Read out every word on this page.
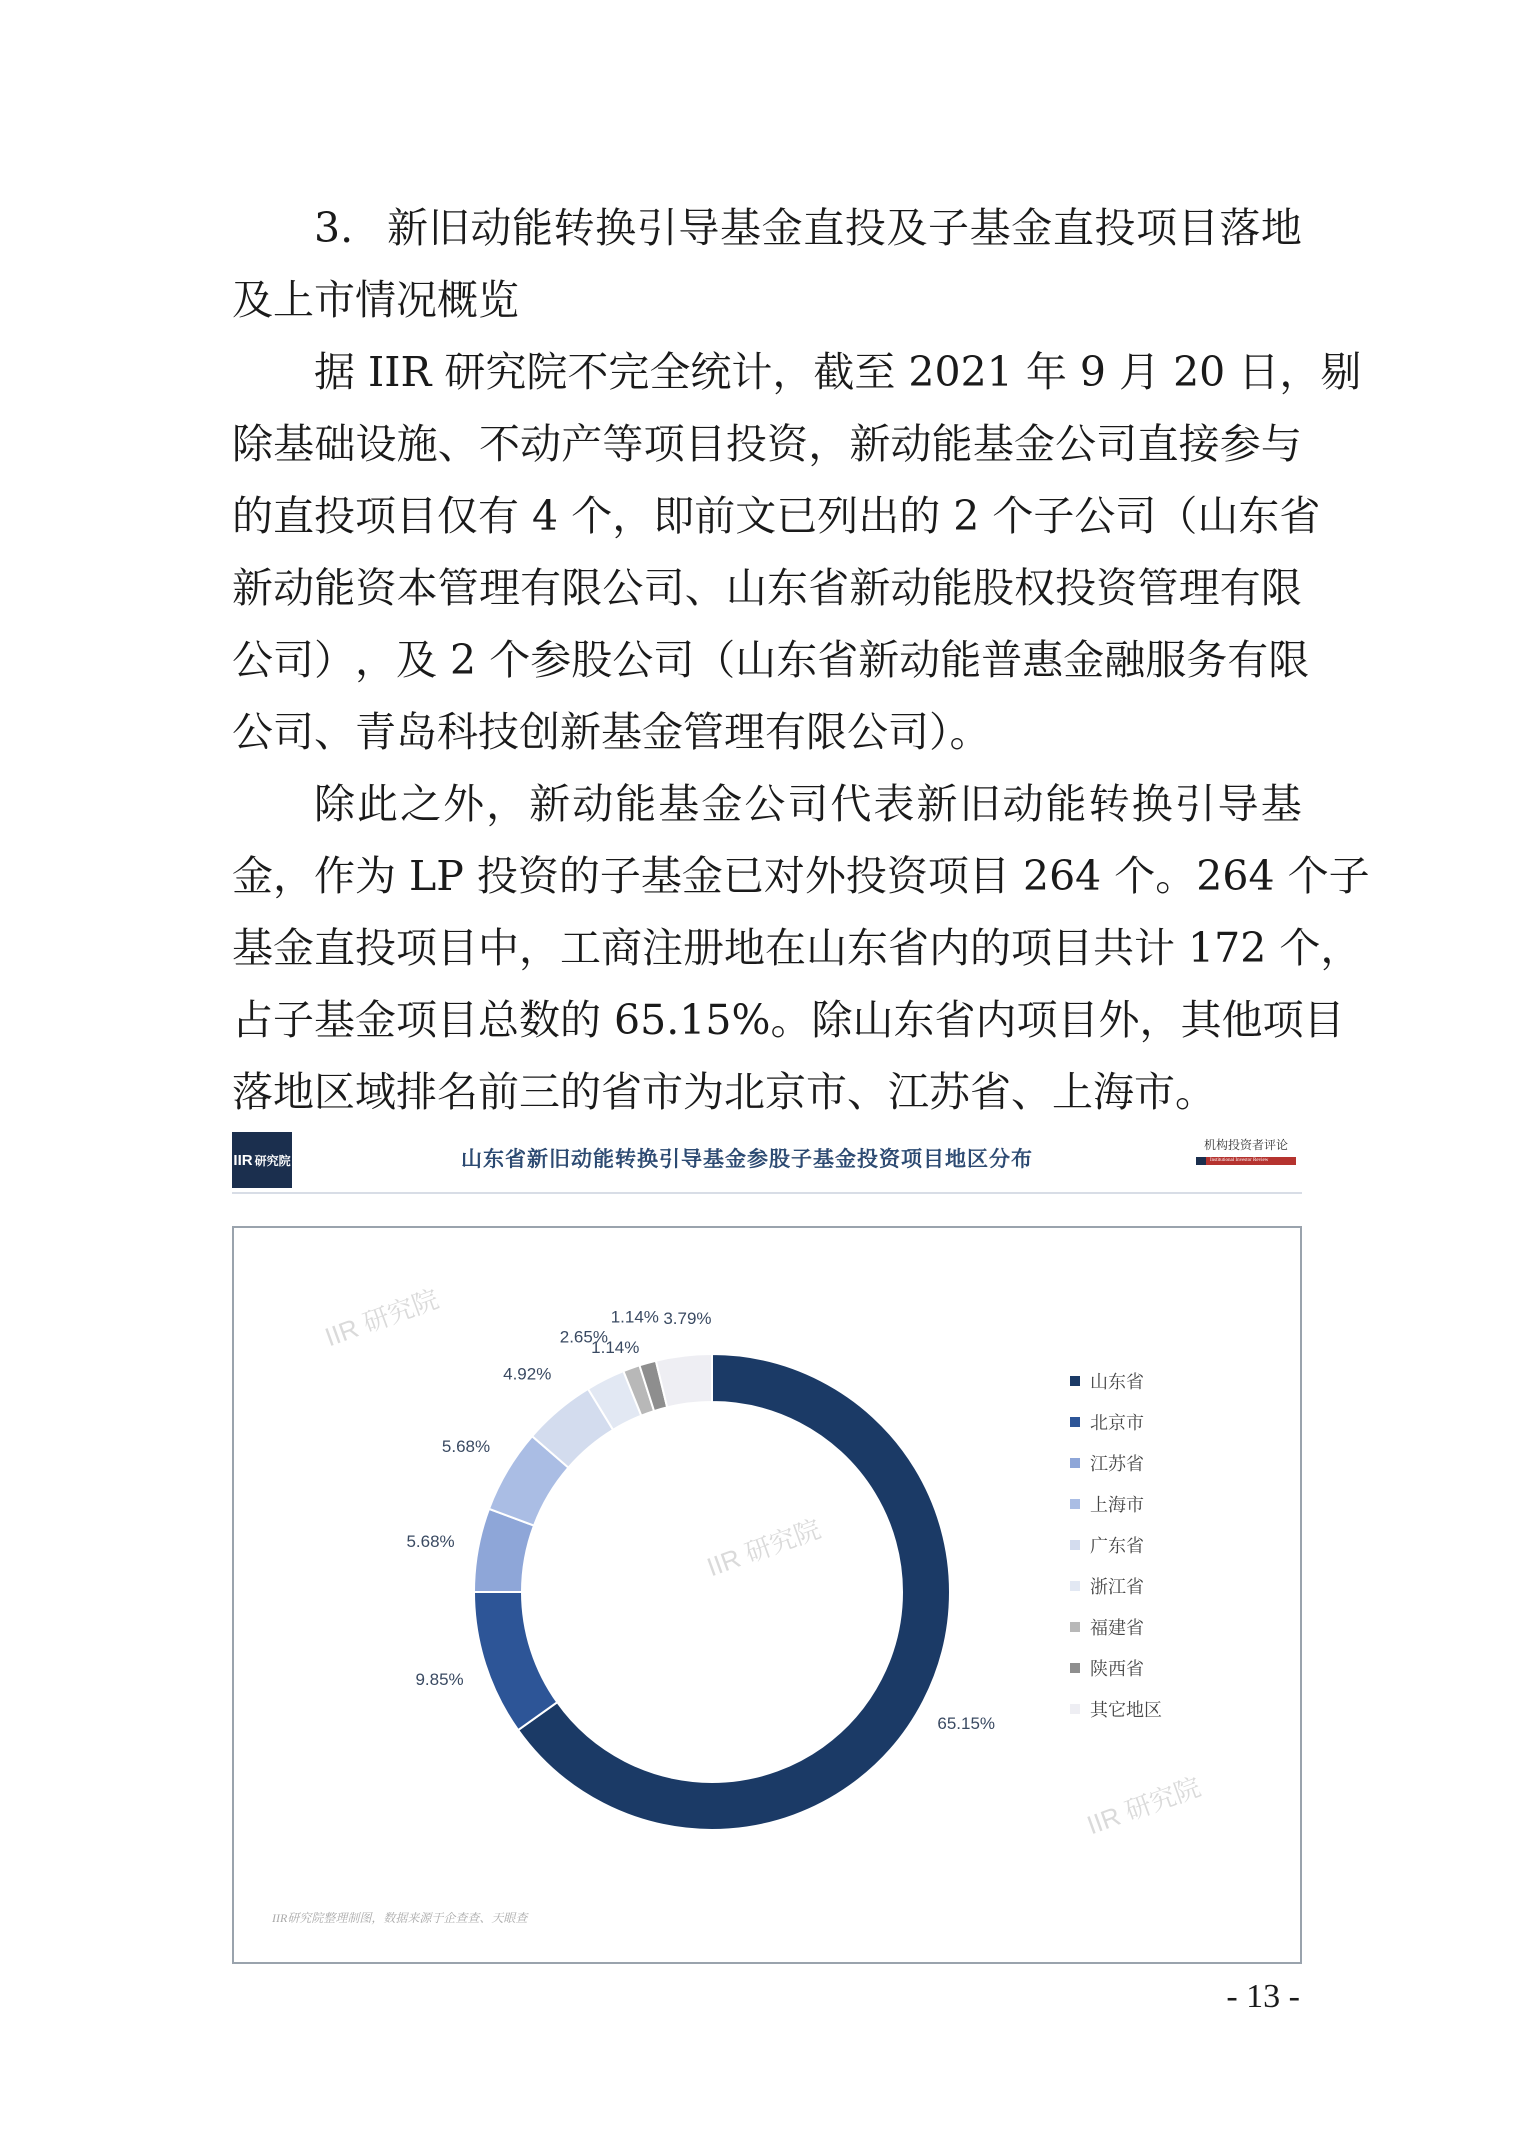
3. 新 旧 动 能 转 换 引 导 基 金 直 投 及 子 基 金 直 投 项 目 落 地
及上市情况概览
据
I I R
研 究 院 不 完 全 统 计 ， 截 至
2 0 2 1
年
9
月
2 0
日 ， 剔
除 基 础 设 施 、 不 动 产 等 项 目 投 资 ， 新 动 能 基 金 公 司 直 接 参 与
的 直 投 项 目 仅 有
4
个 ， 即 前 文 已 列 出 的
2
个 子 公 司 （ 山 东 省
新 动 能 资 本 管 理 有 限 公 司 、 山 东 省 新 动 能 股 权 投 资 管 理 有 限
公 司 ） ， 及
2
个 参 股 公 司 （ 山 东 省 新 动 能 普 惠 金 融 服 务 有 限
公司、青岛科技创新基金管理有限公司）。
除 此 之 外 ， 新 动 能 基 金 公 司 代 表 新 旧 动 能 转 换 引 导 基
金 ， 作 为
L P
投 资 的 子 基 金 已 对 外 投 资 项 目
2 6 4
个 。 2 6 4
个 子
基 金 直 投 项 目 中 ， 工 商 注 册 地 在 山 东 省 内 的 项 目 共 计
1 7 2
个 ，
占 子 基 金 项 目 总 数 的
6 5 . 1 5 % 。 除 山 东 省 内 项 目 外 ， 其 他 项 目
落地区域排名前三的省市为北京市、江苏省、上海市。
IIR 研究院	山东省新旧动能转换引导基金参股子基金投资项目地区分布
机构投资者评论
Institutional Investor Review
65.15%
9.85%
5.68%
5.68%
4.92%
2.65%
1.14%
1.14% 3.79%
山东省
北京市
江苏省
上海市
广东省
浙江省
福建省
陕西省
其它地区
IIR 研究院
IIR 研究院
IIR 研究院
IIR研究院整理制图，数据来源于企查查、天眼查
- 13 -
